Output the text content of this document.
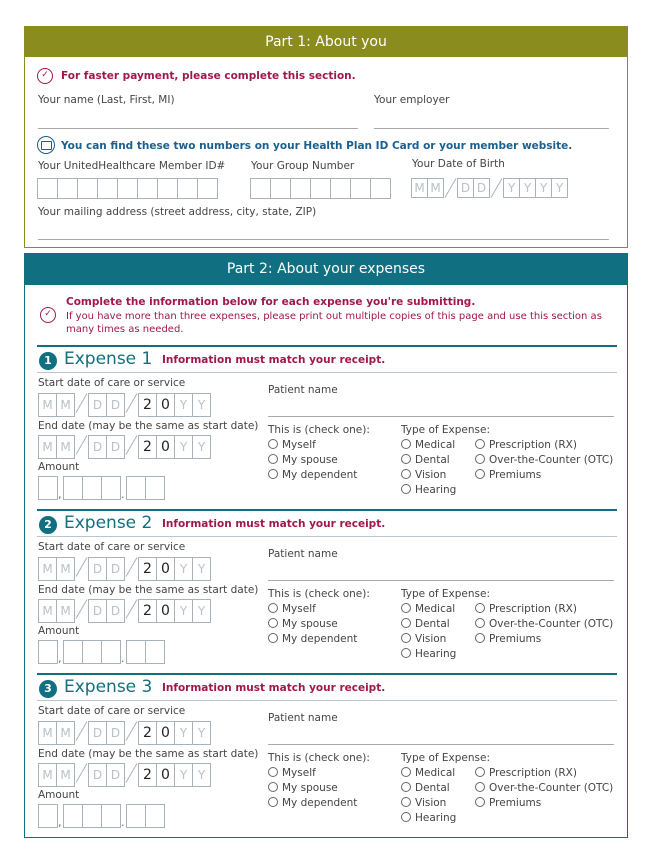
Part 1: About you
✓	For faster payment, please complete this section.
Your name (Last, First, MI)	Your employer
You can find these two numbers on your Health Plan ID Card or your member website.
Your UnitedHealthcare Member ID# Your Group Number	Your Date of Birth
M M	D D	Y Y Y Y
Your mailing address (street address, city, state, ZIP)
Part 2: About your expenses
✓
Complete the information below for each expense you're submitting.
If you have more than three expenses, please print out multiple copies of this page and use this section as
many times as needed.
1 Expense 1 Information must match your receipt.
Start date of care or service
M M	D D	2 0 Y Y
End date (may be the same as start date)
M M	D D	2 0 Y Y
Amount
,	.
Patient name
This is (check one):
Myself
My spouse
My dependent
Type of Expense:
Medical
Dental
Vision
Hearing
Prescription (RX)
Over-the-Counter (OTC)
Premiums
2 Expense 2 Information must match your receipt.
Start date of care or service
M M	D D	2 0 Y Y
End date (may be the same as start date)
M M	D D	2 0 Y Y
Amount
,	.
Patient name
This is (check one):
Myself
My spouse
My dependent
Type of Expense:
Medical
Dental
Vision
Hearing
Prescription (RX)
Over-the-Counter (OTC)
Premiums
3 Expense 3 Information must match your receipt.
Start date of care or service
M M	D D	2 0 Y Y
End date (may be the same as start date)
M M	D D	2 0 Y Y
Amount
,	.
Patient name
This is (check one):
Myself
My spouse
My dependent
Type of Expense:
Medical
Dental
Vision
Hearing
Prescription (RX)
Over-the-Counter (OTC)
Premiums
